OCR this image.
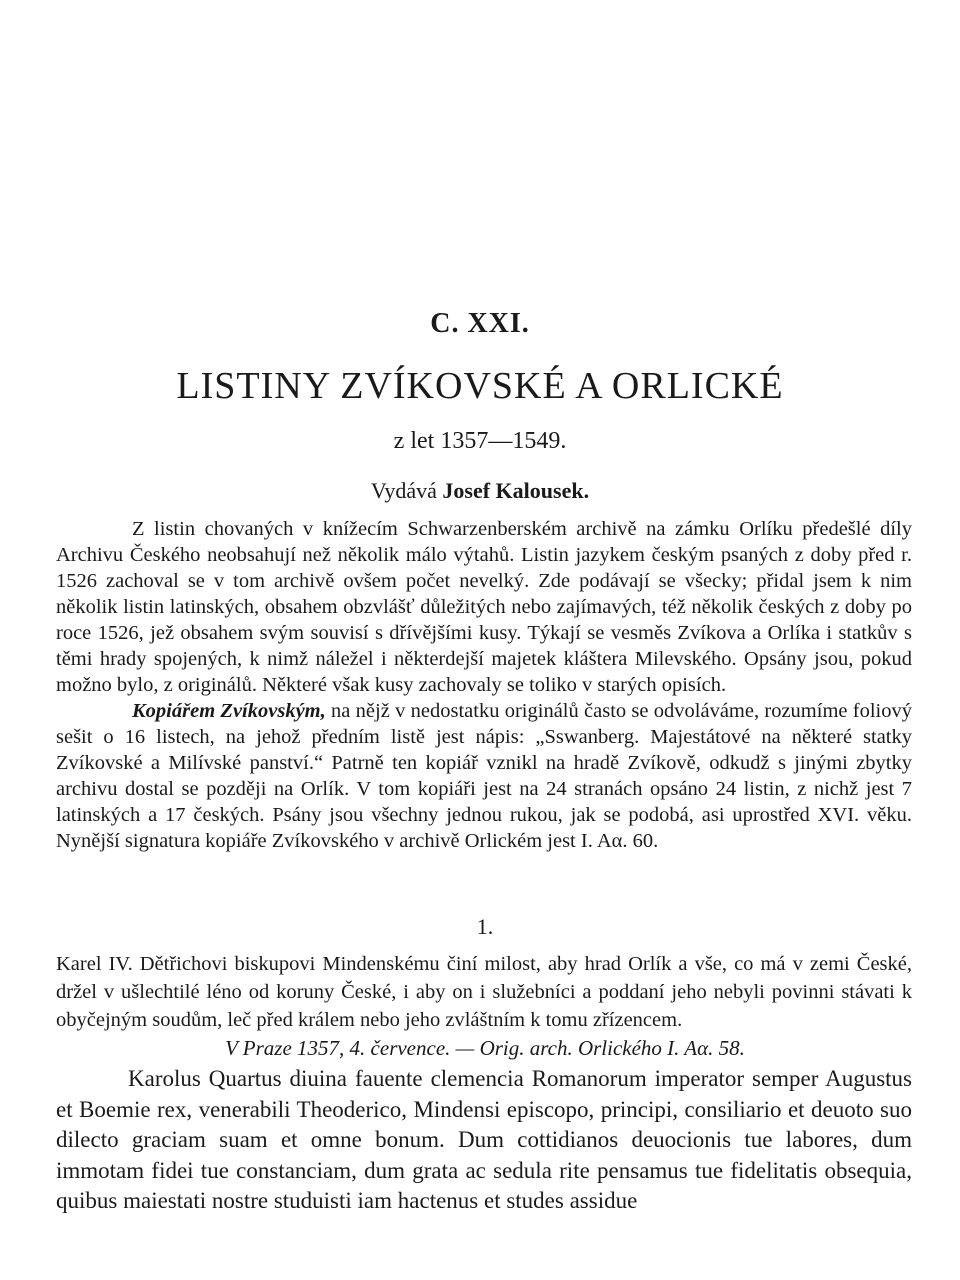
C. XXI.
LISTINY ZVÍKOVSKÉ A ORLICKÉ
z let 1357—1549.
Vydává Josef Kalousek.

Z listin chovaných v knížecím Schwarzenberském archivě na zámku Orlíku předešlé díly Archivu Českého neobsahují než několik málo výtahů. Listin jazykem českým psaných z doby před r. 1526 zachoval se v tom archivě ovšem počet nevelký. Zde podávají se všecky; přidal jsem k nim několik listin latinských, obsahem obzvlášť důležitých nebo zajímavých, též několik českých z doby po roce 1526, jež obsahem svým souvisí s dřívějšími kusy. Týkají se vesměs Zvíkova a Orlíka i statkův s těmi hrady spojených, k nimž náležel i některdejší majetek kláštera Milevského. Opsány jsou, pokud možno bylo, z originálů. Některé však kusy zachovaly se toliko v starých opisích.

Kopiářem Zvíkovským, na nějž v nedostatku originálů často se odvoláváme, rozumíme foliový sešit o 16 listech, na jehož předním listě jest nápis: „Sswanberg. Majestátové na některé statky Zvíkovské a Milívské panství.“ Patrně ten kopiář vznikl na hradě Zvíkově, odkudž s jinými zbytky archivu dostal se později na Orlík. V tom kopiáři jest na 24 stranách opsáno 24 listin, z nichž jest 7 latinských a 17 českých. Psány jsou všechny jednou rukou, jak se podobá, asi uprostřed XVI. věku. Nynější signatura kopiáře Zvíkovského v archivě Orlickém jest I. Aα. 60.

1.

Karel IV. Dětřichovi biskupovi Mindenskému činí milost, aby hrad Orlík a vše, co má v zemi České, držel v ušlechtilé léno od koruny České, i aby on i služebníci a poddaní jeho nebyli povinni stávati k obyčejným soudům, leč před králem nebo jeho zvláštním k tomu zřízencem.

V Praze 1357, 4. července. — Orig. arch. Orlického I. Aα. 58.

Karolus Quartus diuina fauente clemencia Romanorum imperator semper Augustus et Boemie rex, venerabili Theoderico, Mindensi episcopo, principi, consiliario et deuoto suo dilecto graciam suam et omne bonum. Dum cottidianos deuocionis tue labores, dum immotam fidei tue constanciam, dum grata ac sedula rite pensamus tue fidelitatis obsequia, quibus maiestati nostre studuisti iam hactenus et studes assidue
